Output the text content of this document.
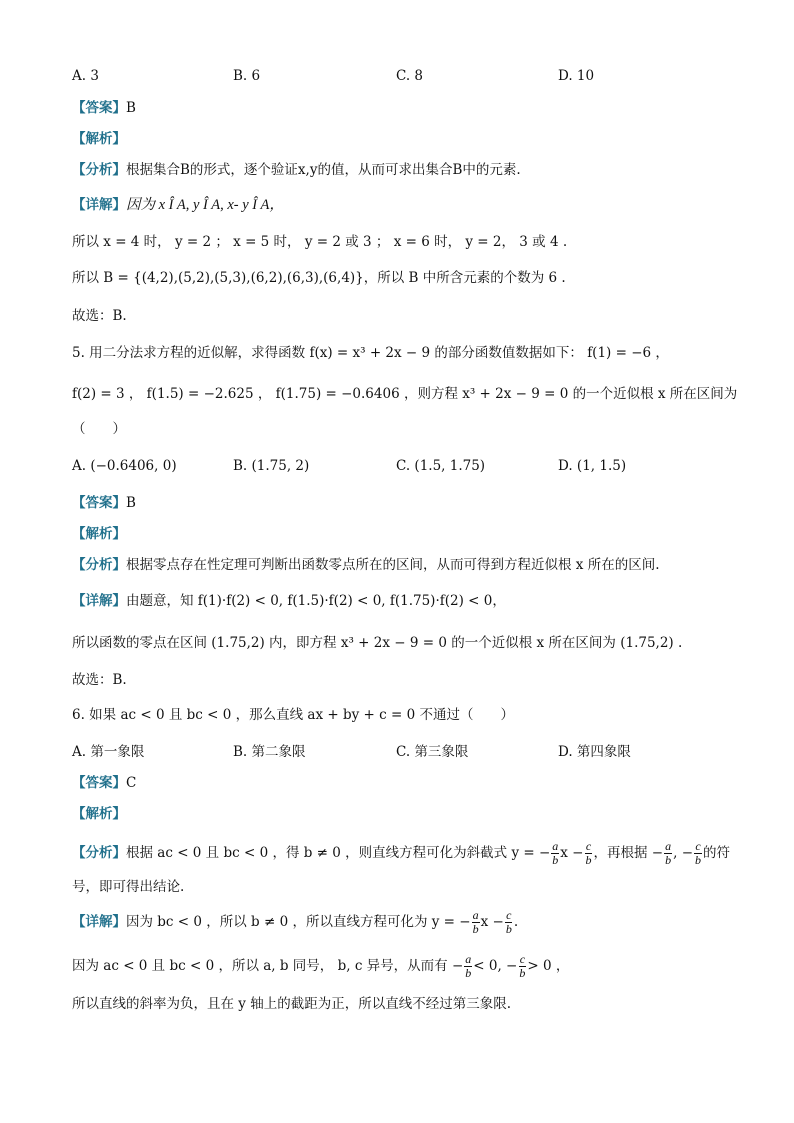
A. 3	B. 6	C. 8	D. 10
【答案】B
【解析】
【分析】根据集合B的形式，逐个验证x,y的值，从而可求出集合B中的元素.
【详解】因为 x Î A, y Î A, x- y Î A，
所以 x = 4 时， y = 2 ； x = 5 时， y = 2 或 3 ； x = 6 时， y = 2， 3 或 4 .
所以 B = {(4,2),(5,2),(5,3),(6,2),(6,3),(6,4)}，所以 B 中所含元素的个数为 6 .
故选：B.
5. 用二分法求方程的近似解，求得函数 f(x) = x³ + 2x − 9 的部分函数值数据如下： f(1) = −6 ，
f(2) = 3 ， f(1.5) = −2.625 ， f(1.75) = −0.6406 ，则方程 x³ + 2x − 9 = 0 的一个近似根 x 所在区间为
（　　）
A. (−0.6406, 0)	B. (1.75, 2)	C. (1.5, 1.75)	D. (1, 1.5)
【答案】B
【解析】
【分析】根据零点存在性定理可判断出函数零点所在的区间，从而可得到方程近似根 x 所在的区间.
【详解】由题意，知 f(1)·f(2) < 0, f(1.5)·f(2) < 0, f(1.75)·f(2) < 0，
所以函数的零点在区间 (1.75,2) 内，即方程 x³ + 2x − 9 = 0 的一个近似根 x 所在区间为 (1.75,2) .
故选：B.
6. 如果 ac < 0 且 bc < 0 ，那么直线 ax + by + c = 0 不通过（　　）
A. 第一象限	B. 第二象限	C. 第三象限	D. 第四象限
【答案】C
【解析】
【分析】根据 ac < 0 且 bc < 0 ，得 b ≠ 0 ，则直线方程可化为斜截式 y = − $\frac{a}{b}$ $x - \frac{c}{b}$ ，再根据 − $\frac{a}{b}$ , − $\frac{c}{b}$ 的符
号，即可得出结论.
【详解】因为 bc < 0 ，所以 b ≠ 0 ，所以直线方程可化为 y = − $\frac{a}{b}$ $x - \frac{c}{b}$ .
因为 ac < 0 且 bc < 0 ，所以 a, b 同号， b, c 异号，从而有 − $\frac{a}{b} < 0$, − $\frac{c}{b} > 0$ ，
所以直线的斜率为负，且在 y 轴上的截距为正，所以直线不经过第三象限.
